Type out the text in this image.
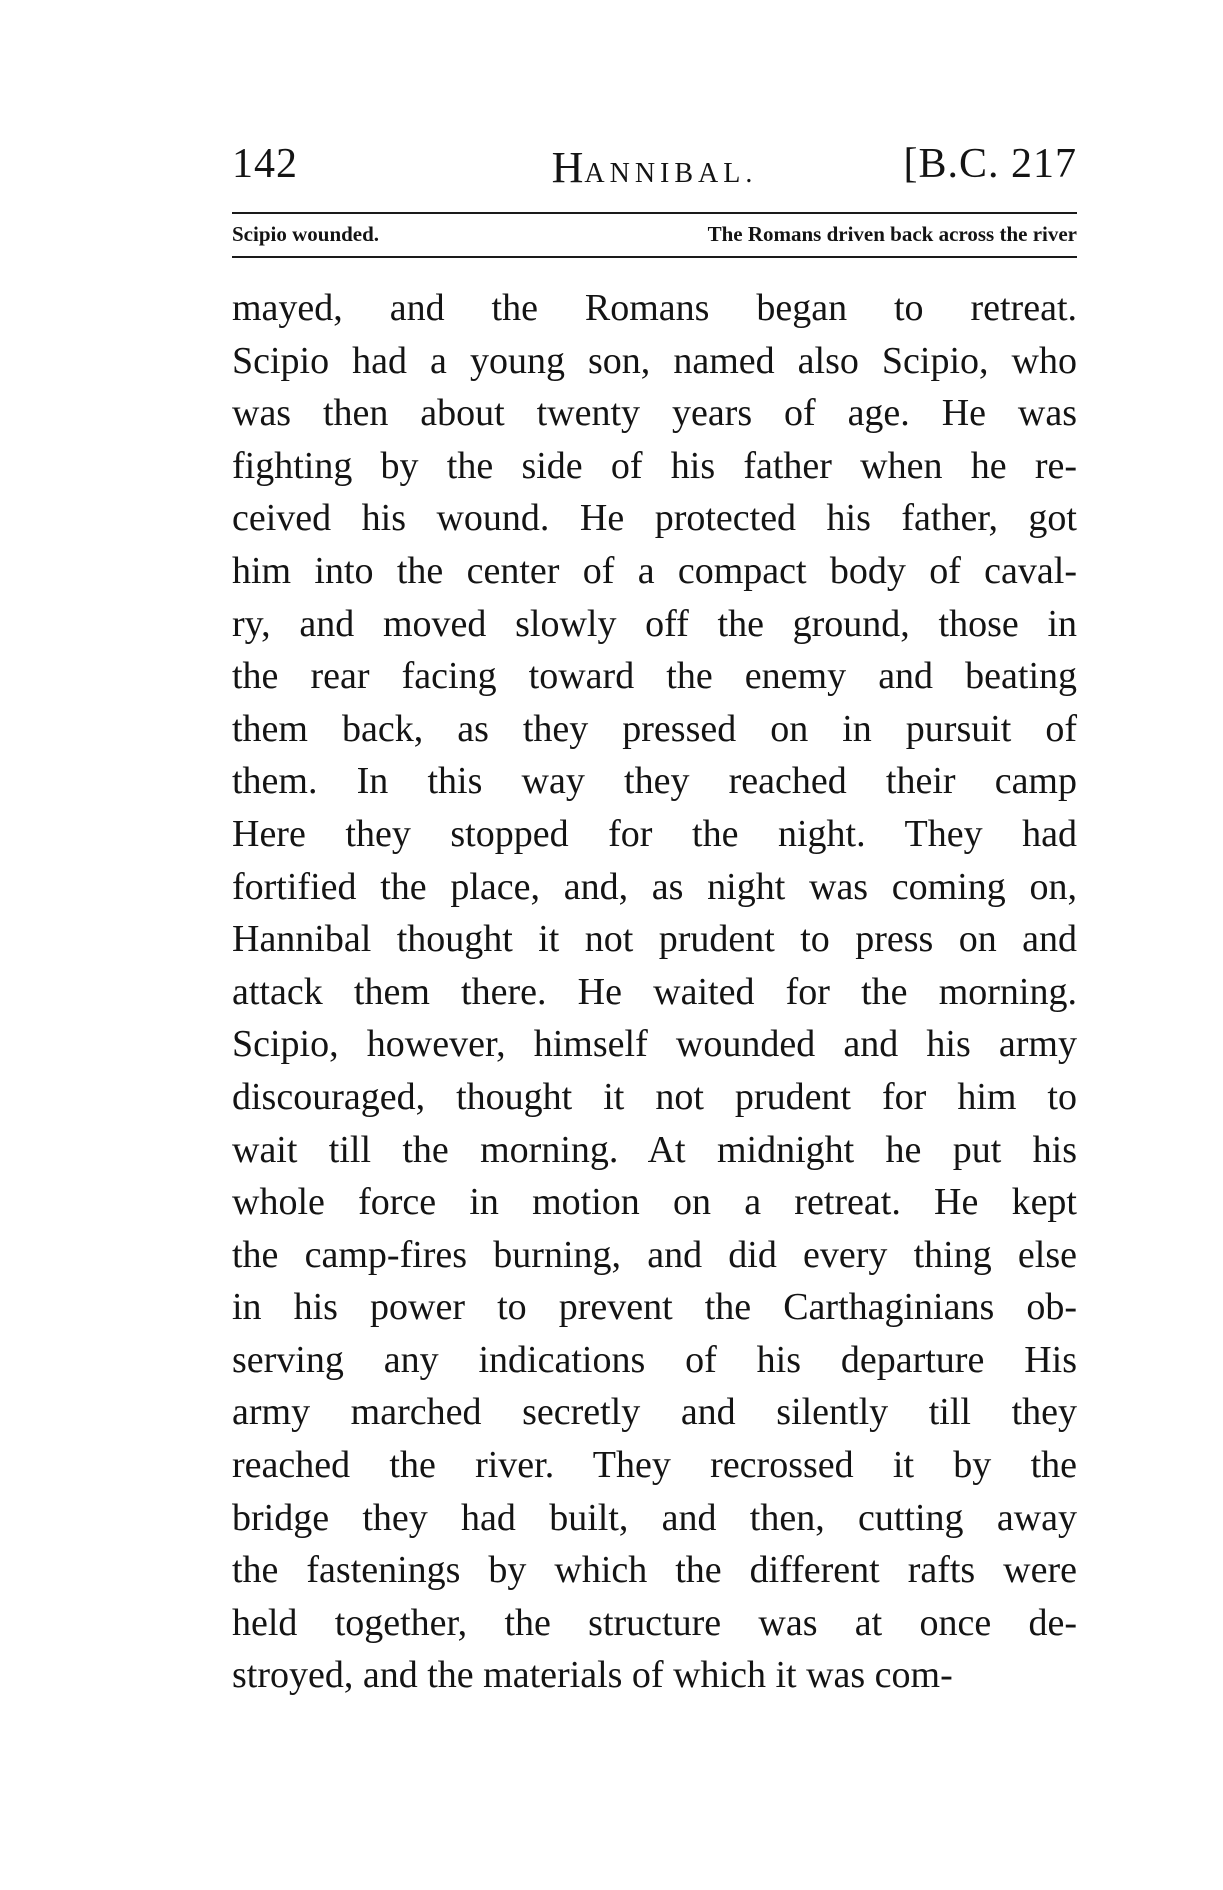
142	HANNIBAL.	[B.C. 217
Scipio wounded.	The Romans driven back across the river
mayed, and the Romans began to retreat.
Scipio had a young son, named also Scipio, who
was then about twenty years of age. He was
fighting by the side of his father when he re-
ceived his wound. He protected his father, got
him into the center of a compact body of caval-
ry, and moved slowly off the ground, those in
the rear facing toward the enemy and beating
them back, as they pressed on in pursuit of
them. In this way they reached their camp
Here they stopped for the night. They had
fortified the place, and, as night was coming on,
Hannibal thought it not prudent to press on and
attack them there. He waited for the morning.
Scipio, however, himself wounded and his army
discouraged, thought it not prudent for him to
wait till the morning. At midnight he put his
whole force in motion on a retreat. He kept
the camp-fires burning, and did every thing else
in his power to prevent the Carthaginians ob-
serving any indications of his departure His
army marched secretly and silently till they
reached the river. They recrossed it by the
bridge they had built, and then, cutting away
the fastenings by which the different rafts were
held together, the structure was at once de-
stroyed, and the materials of which it was com-
